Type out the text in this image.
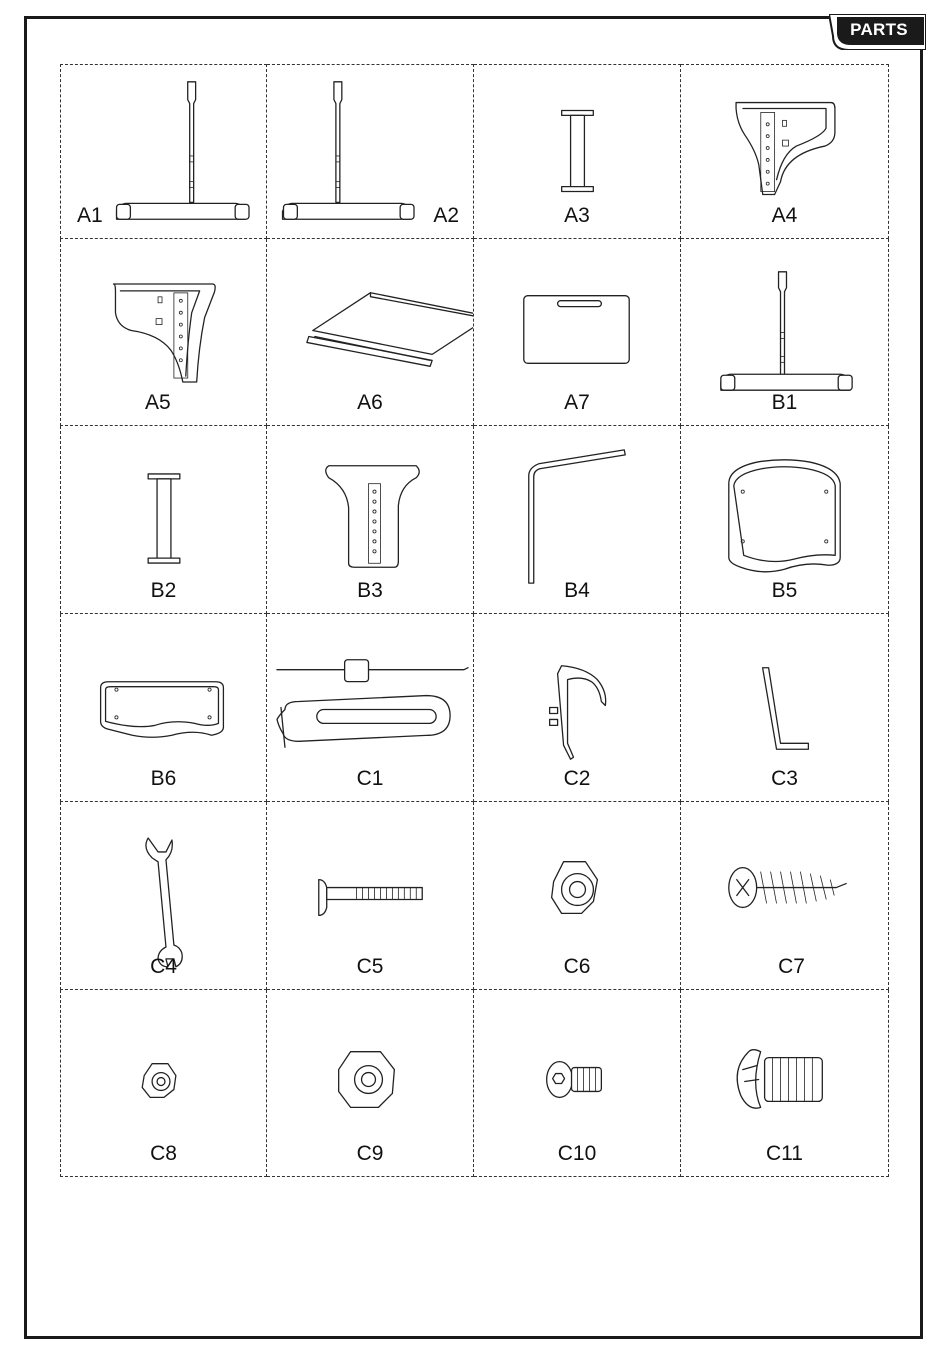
PARTS
A1	A2	A3	A4
A5	A6	A7	B1
B2	B3	B4	B5
B6	C1	C2	C3
C4	C5	C6	C7
C8	C9	C10	C11
